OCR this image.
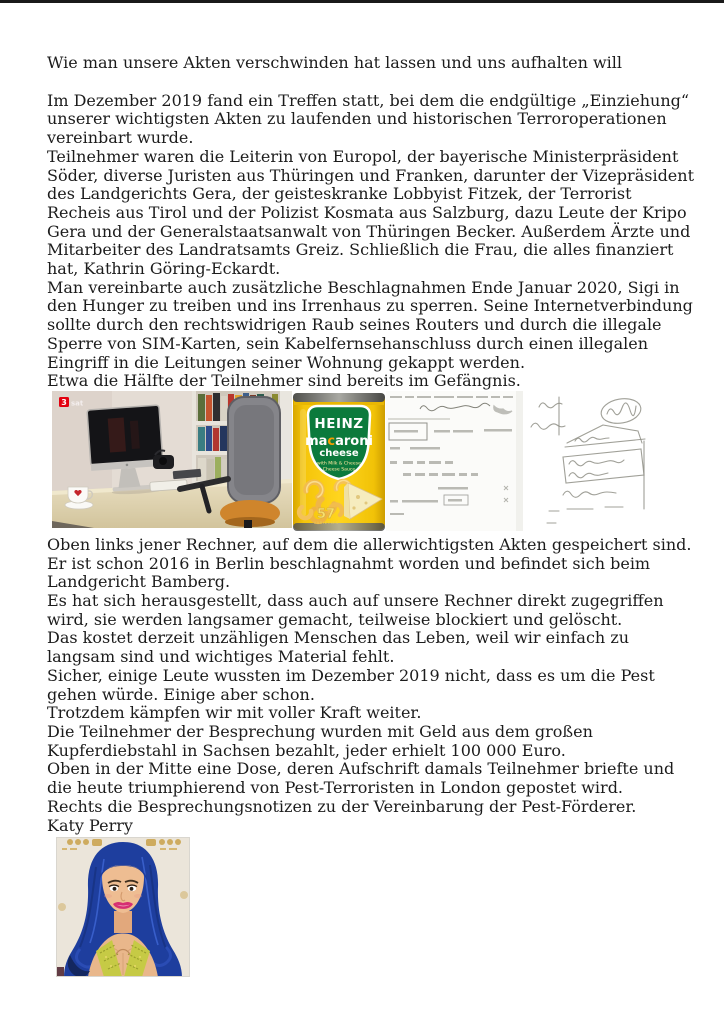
Wie man unsere Akten verschwinden hat lassen und uns aufhalten will

Im Dezember 2019 fand ein Treffen statt, bei dem die endgültige „Einziehung“ unserer wichtigsten Akten zu laufenden und historischen Terroroperationen vereinbart wurde.

Teilnehmer waren die Leiterin von Europol, der bayerische Ministerpräsident Söder, diverse Juristen aus Thüringen und Franken, darunter der Vizepräsident des Landgerichts Gera, der geisteskranke Lobbyist Fitzek, der Terrorist Recheis aus Tirol und der Polizist Kosmata aus Salzburg, dazu Leute der Kripo Gera und der Generalstaatsanwalt von Thüringen Becker. Außerdem Ärzte und Mitarbeiter des Landratsamts Greiz. Schließlich die Frau, die alles finanziert hat, Kathrin Göring-Eckardt.

Man vereinbarte auch zusätzliche Beschlagnahmen Ende Januar 2020, Sigi in den Hunger zu treiben und ins Irrenhaus zu sperren. Seine Internetverbindung sollte durch den rechtswidrigen Raub seines Routers und durch die illegale Sperre von SIM-Karten, sein Kabelfernsehanschluss durch einen illegalen Eingriff in die Leitungen seiner Wohnung gekappt werden.

Etwa die Hälfte der Teilnehmer sind bereits im Gefängnis.

3 sat
HEINZ
macaroni
cheese
with Milk & Cheese
Cheese Sauce
57
VARIETIES

Oben links jener Rechner, auf dem die allerwichtigsten Akten gespeichert sind. Er ist schon 2016 in Berlin beschlagnahmt worden und befindet sich beim Landgericht Bamberg.

Es hat sich herausgestellt, dass auch auf unsere Rechner direkt zugegriffen wird, sie werden langsamer gemacht, teilweise blockiert und gelöscht.

Das kostet derzeit unzähligen Menschen das Leben, weil wir einfach zu langsam sind und wichtiges Material fehlt.

Sicher, einige Leute wussten im Dezember 2019 nicht, dass es um die Pest gehen würde. Einige aber schon.

Trotzdem kämpfen wir mit voller Kraft weiter.

Die Teilnehmer der Besprechung wurden mit Geld aus dem großen Kupferdiebstahl in Sachsen bezahlt, jeder erhielt 100 000 Euro.

Oben in der Mitte eine Dose, deren Aufschrift damals Teilnehmer briefte und die heute triumphierend von Pest-Terroristen in London gepostet wird.

Rechts die Besprechungsnotizen zu der Vereinbarung der Pest-Förderer.

Katy Perry
